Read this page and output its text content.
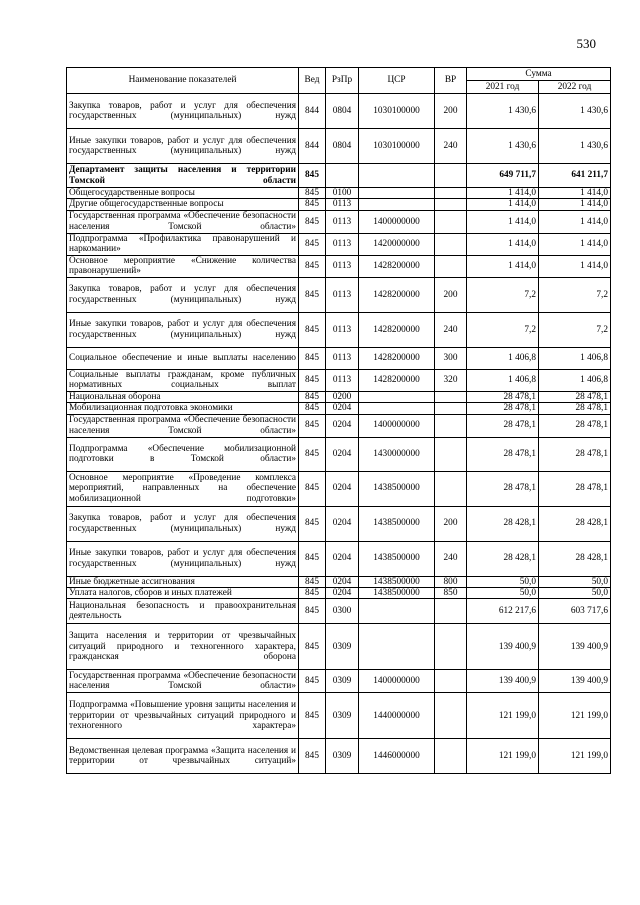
530
Наименование показателей	Вед	РзПр	ЦСР	ВР	Сумма	
					2021 год	2022 год
Закупка товаров, работ и услуг для обеспечения государственных (муниципальных) нужд	844	0804	1030100000	200	1 430,6	1 430,6
Иные закупки товаров, работ и услуг для обеспечения государственных (муниципальных) нужд	844	0804	1030100000	240	1 430,6	1 430,6
Департамент защиты населения и территории Томской области	845				649 711,7	641 211,7
Общегосударственные вопросы	845	0100			1 414,0	1 414,0
Другие общегосударственные вопросы	845	0113			1 414,0	1 414,0
Государственная программа «Обеспечение безопасности населения Томской области»	845	0113	1400000000		1 414,0	1 414,0
Подпрограмма «Профилактика правонарушений и наркомании»	845	0113	1420000000		1 414,0	1 414,0
Основное мероприятие «Снижение количества правонарушений»	845	0113	1428200000		1 414,0	1 414,0
Закупка товаров, работ и услуг для обеспечения государственных (муниципальных) нужд	845	0113	1428200000	200	7,2	7,2
Иные закупки товаров, работ и услуг для обеспечения государственных (муниципальных) нужд	845	0113	1428200000	240	7,2	7,2
Социальное обеспечение и иные выплаты населению	845	0113	1428200000	300	1 406,8	1 406,8
Социальные выплаты гражданам, кроме публичных нормативных социальных выплат	845	0113	1428200000	320	1 406,8	1 406,8
Национальная оборона	845	0200			28 478,1	28 478,1
Мобилизационная подготовка экономики	845	0204			28 478,1	28 478,1
Государственная программа «Обеспечение безопасности населения Томской области»	845	0204	1400000000		28 478,1	28 478,1
Подпрограмма «Обеспечение мобилизационной подготовки в Томской области»	845	0204	1430000000		28 478,1	28 478,1
Основное мероприятие «Проведение комплекса мероприятий, направленных на обеспечение мобилизационной подготовки»	845	0204	1438500000		28 478,1	28 478,1
Закупка товаров, работ и услуг для обеспечения государственных (муниципальных) нужд	845	0204	1438500000	200	28 428,1	28 428,1
Иные закупки товаров, работ и услуг для обеспечения государственных (муниципальных) нужд	845	0204	1438500000	240	28 428,1	28 428,1
Иные бюджетные ассигнования	845	0204	1438500000	800	50,0	50,0
Уплата налогов, сборов и иных платежей	845	0204	1438500000	850	50,0	50,0
Национальная безопасность и правоохранительная деятельность	845	0300			612 217,6	603 717,6
Защита населения и территории от чрезвычайных ситуаций природного и техногенного характера, гражданская оборона	845	0309			139 400,9	139 400,9
Государственная программа «Обеспечение безопасности населения Томской области»	845	0309	1400000000		139 400,9	139 400,9
Подпрограмма «Повышение уровня защиты населения и территории от чрезвычайных ситуаций природного и техногенного характера»	845	0309	1440000000		121 199,0	121 199,0
Ведомственная целевая программа «Защита населения и территории от чрезвычайных ситуаций»	845	0309	1446000000		121 199,0	121 199,0
